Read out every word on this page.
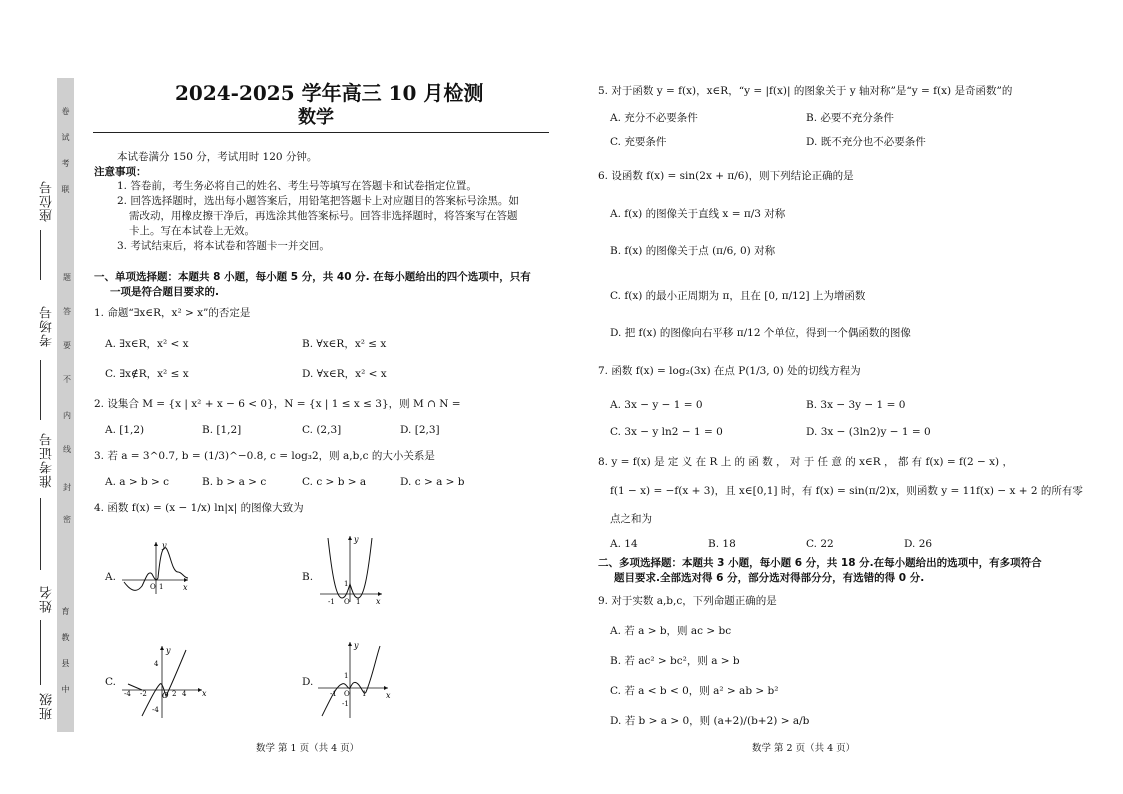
卷
试
考
联
题
答
要
不
内
线
封
密
育
教
县
中
座位号
考场号
准考证号
姓名
班级
2024-2025 学年高三 10 月检测
数学
本试卷满分 150 分，考试用时 120 分钟。
注意事项：
1. 答卷前，考生务必将自己的姓名、考生号等填写在答题卡和试卷指定位置。
2. 回答选择题时，选出每小题答案后，用铅笔把答题卡上对应题目的答案标号涂黑。如
需改动，用橡皮擦干净后，再选涂其他答案标号。回答非选择题时，将答案写在答题
卡上。写在本试卷上无效。
3. 考试结束后，将本试卷和答题卡一并交回。
一、单项选择题：本题共 8 小题，每小题 5 分，共 40 分. 在每小题给出的四个选项中，只有
一项是符合题目要求的.
1. 命题“∃x∈R，x² > x”的否定是
A. ∃x∈R，x² < x	B. ∀x∈R，x² ≤ x
C. ∃x∉R，x² ≤ x	D. ∀x∈R，x² < x
2. 设集合 M = {x | x² + x − 6 < 0}，N = {x | 1 ≤ x ≤ 3}，则 M ∩ N =
A. [1,2)	B. [1,2]	C. (2,3]	D. [2,3]
3. 若 a = 3^0.7, b = (1/3)^−0.8, c = log₃2，则 a,b,c 的大小关系是
A. a > b > c	B. b > a > c	C. c > b > a	D. c > a > b
4. 函数 f(x) = (x − 1/x) ln|x| 的图像大致为
A.
y
x
O 1
B.
y
x
1
-1 O 1
C.
y
x
4
-4
-4 -2 O 2 4
D.
y
x
1
-1 O 1
-1
数学 第 1 页（共 4 页）
5. 对于函数 y = f(x)，x∈R，“y = |f(x)| 的图象关于 y 轴对称”是“y = f(x) 是奇函数”的
A. 充分不必要条件	B. 必要不充分条件
C. 充要条件	D. 既不充分也不必要条件
6. 设函数 f(x) = sin(2x + π/6)，则下列结论正确的是
A. f(x) 的图像关于直线 x = π/3 对称
B. f(x) 的图像关于点 (π/6, 0) 对称
C. f(x) 的最小正周期为 π，且在 [0, π/12] 上为增函数
D. 把 f(x) 的图像向右平移 π/12 个单位，得到一个偶函数的图像
7. 函数 f(x) = log₂(3x) 在点 P(1/3, 0) 处的切线方程为
A. 3x − y − 1 = 0	B. 3x − 3y − 1 = 0
C. 3x − y ln2 − 1 = 0	D. 3x − (3ln2)y − 1 = 0
8. y = f(x) 是 定 义 在 R 上 的 函 数 ， 对 于 任 意 的 x∈R ， 都 有 f(x) = f(2 − x) ，
f(1 − x) = −f(x + 3)，且 x∈[0,1] 时，有 f(x) = sin(π/2)x，则函数 y = 11f(x) − x + 2 的所有零
点之和为
A. 14	B. 18	C. 22	D. 26
二、多项选择题：本题共 3 小题，每小题 6 分，共 18 分.在每小题给出的选项中，有多项符合
题目要求.全部选对得 6 分，部分选对得部分分，有选错的得 0 分.
9. 对于实数 a,b,c，下列命题正确的是
A. 若 a > b，则 ac > bc
B. 若 ac² > bc²，则 a > b
C. 若 a < b < 0，则 a² > ab > b²
D. 若 b > a > 0，则 (a+2)/(b+2) > a/b
数学 第 2 页（共 4 页）
